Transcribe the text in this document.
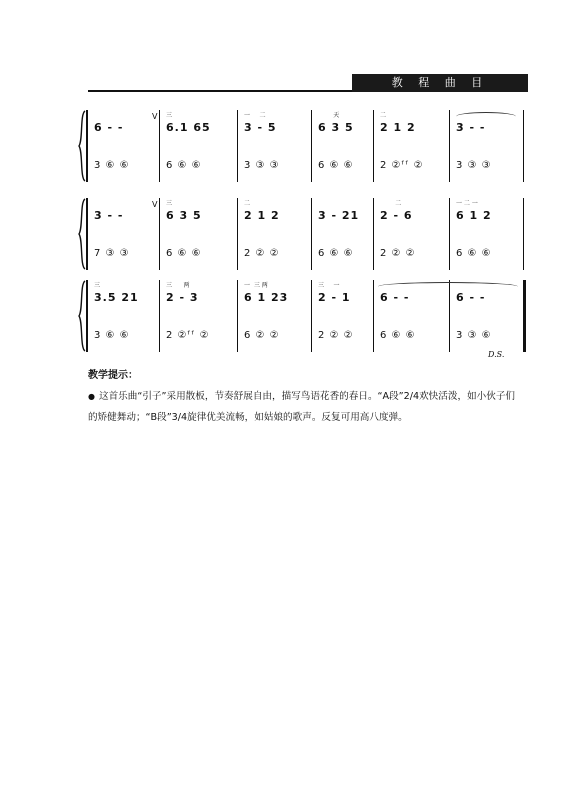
教 程 曲 目
6 - -
3 ⑥ ⑥
V 三
6.1 65
6 ⑥ ⑥
一     二
3 - 5
3 ③ ③
天
6 3 5
6 ⑥ ⑥
二
2 1 2
2 ②ᶠᶠ ②
3 - -
3 ③ ③
3 - -
7 ③ ③
V 三
6 3 5
6 ⑥ ⑥
二
2 1 2
2 ② ②
3 - 21
6 ⑥ ⑥
二
2 - 6
2 ② ②
一 二 一
6 1 2
6 ⑥ ⑥
三
3.5 21
3 ⑥ ⑥
三      两
2 - 3
2 ②ᶠᶠ ②
一  三 两
6 1 23
6 ② ②
三     一
2 - 1
2 ② ②
6 - -
6 ⑥ ⑥
6 - -
3 ③ ⑥
D.S.
教学提示：
● 这首乐曲“引子”采用散板，节奏舒展自由，描写鸟语花香的春日。“A段”2/4欢快活泼，如小伙子们的矫健舞动；“B段”3/4旋律优美流畅，如姑娘的歌声。反复可用高八度弹。
